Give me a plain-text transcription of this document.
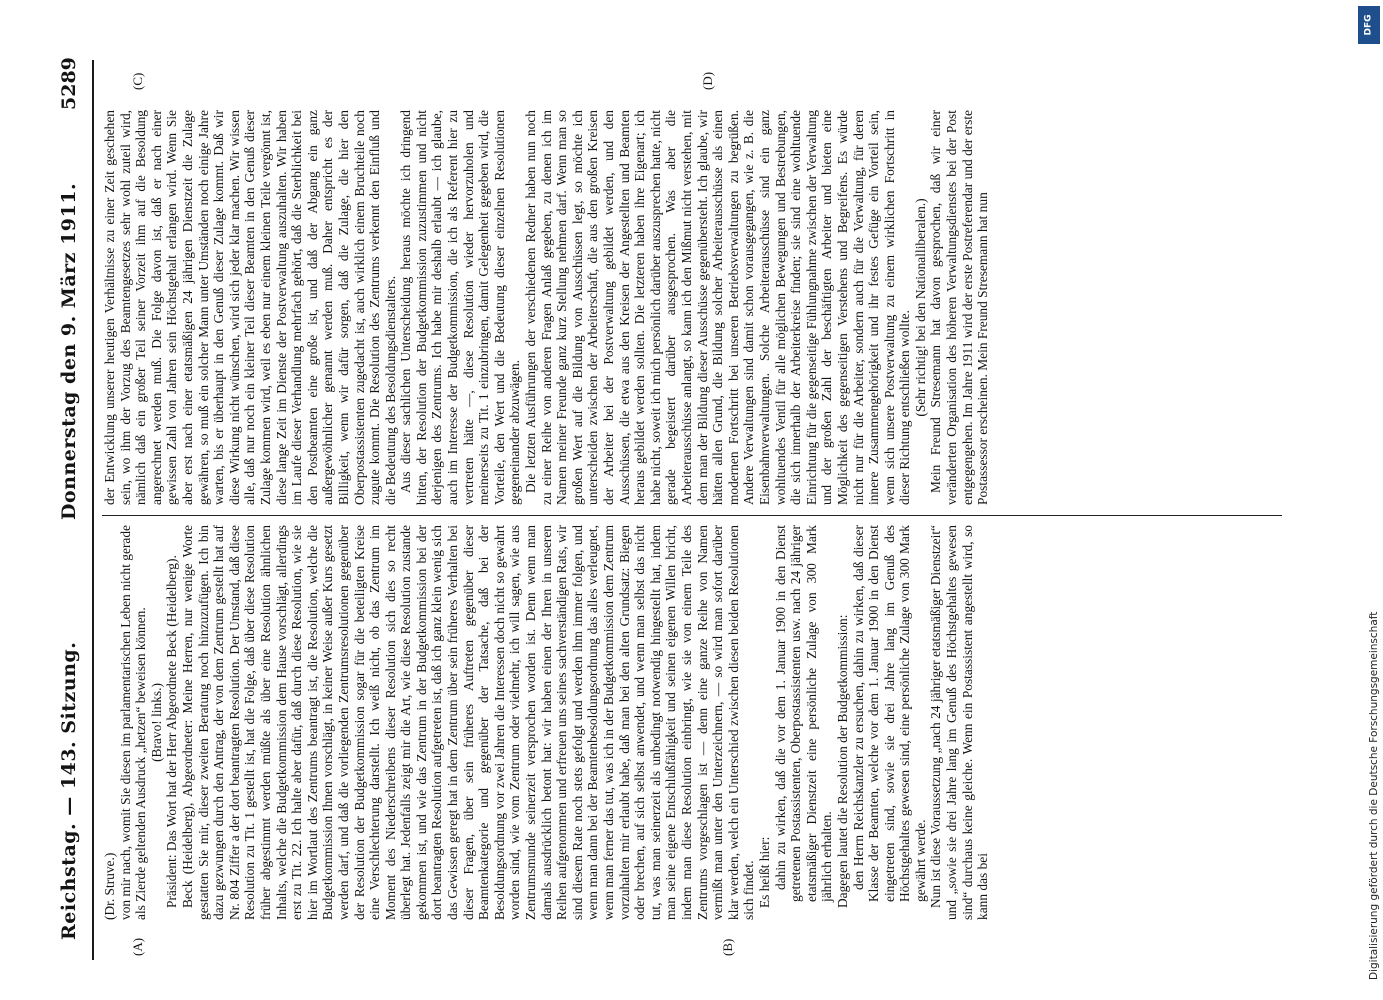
DFG
Digitalisierung gefördert durch die Deutsche Forschungsgemeinschaft
Reichstag. — 143. Sitzung.
Donnerstag den 9. März 1911.
5289
(A)	(B)
(C)	(D)

(Dr. Struve.) von mir nach, womit Sie diesen im parlamentarischen Leben nicht gerade als Zierde geltenden Ausdruck „hetzen“ beweisen können. (Bravo! links.) Präsident: Das Wort hat der Herr Abgeordnete Beck (Heidelberg). Beck (Heidelberg), Abgeordneter: Meine Herren, nur wenige Worte gestatten Sie mir, dieser zweiten Beratung noch hinzuzufügen. Ich bin dazu gezwungen durch den Antrag, der von dem Zentrum gestellt hat auf Nr. 804 Ziffer a der dort beantragten Resolution. Der Umstand, daß diese Resolution zu Tit. 1 gestellt ist, hat die Folge, daß über diese Resolution früher abgestimmt werden müßte als über eine Resolution ähnlichen Inhalts, welche die Budgetkommission dem Hause vorschlägt, allerdings erst zu Tit. 22. Ich halte aber dafür, daß durch diese Resolution, wie sie hier im Wortlaut des Zentrums beantragt ist, die Resolution, welche die Budgetkommission Ihnen vorschlägt, in keiner Weise außer Kurs gesetzt werden darf, und daß die vorliegenden Zentrumsresolutionen gegenüber der Resolution der Budgetkommission sogar für die beteiligten Kreise eine Verschlechterung darstellt. Ich weiß nicht, ob das Zentrum im Moment des Niederschreibens dieser Resolution sich dies so recht überlegt hat. Jedenfalls zeigt mir die Art, wie diese Resolution zustande gekommen ist, und wie das Zentrum in der Budgetkommission bei der dort beantragten Resolution aufgetreten ist, daß ich ganz klein wenig sich das Gewissen geregt hat in dem Zentrum über sein früheres Verhalten bei dieser Fragen, über sein früheres Auftreten gegenüber dieser Beamtenkategorie und gegenüber der Tatsache, daß bei der Besoldungsordnung vor zwei Jahren die Interessen doch nicht so gewahrt worden sind, wie vom Zentrum oder vielmehr, ich will sagen, wie aus Zentrumsmunde seinerzeit versprochen worden ist. Denn wenn man damals ausdrücklich betont hat: wir haben einen der Ihren in unseren Reihen aufgenommen und erfreuen uns seines sachverständigen Rats, wir sind diesem Rate noch stets gefolgt und werden ihm immer folgen, und wenn man dann bei der Beamtenbesoldungsordnung das alles verleugnet, wenn man ferner das tut, was ich in der Budgetkommission dem Zentrum vorzuhalten mir erlaubt habe, daß man bei den alten Grundsatz: Biegen oder brechen, auf sich selbst anwendet, und wenn man selbst das nicht tut, was man seinerzeit als unbedingt notwendig hingestellt hat, indem man seine eigene Entschlußfähigkeit und seinen eigenen Willen bricht, indem man diese Resolution einbringt, wie sie von einem Teile des Zentrums vorgeschlagen ist — denn eine ganze Reihe von Namen vermißt man unter den Unterzeichnern, — so wird man sofort darüber klar werden, welch ein Unterschied zwischen diesen beiden Resolutionen sich findet. Es heißt hier: dahin zu wirken, daß die vor dem 1. Januar 1900 in den Dienst getretenen Postassistenten, Oberpostassistenten usw. nach 24 jähriger etatsmäßiger Dienstzeit eine persönliche Zulage von 300 Mark jährlich erhalten. Dagegen lautet die Resolution der Budgetkommission: den Herrn Reichskanzler zu ersuchen, dahin zu wirken, daß dieser Klasse der Beamten, welche vor dem 1. Januar 1900 in den Dienst eingetreten sind, sowie sie drei Jahre lang im Genuß des Höchstgehaltes gewesen sind, eine persönliche Zulage von 300 Mark gewährt werde. Nun ist diese Voraussetzung „nach 24 jähriger etatsmäßiger Dienstzeit“ und „sowie sie drei Jahre lang im Genuß des Höchstgehaltes gewesen sind“ durchaus keine gleiche. Wenn ein Postassistent angestellt wird, so kann das bei

der Entwicklung unserer heutigen Verhältnisse zu einer Zeit geschehen sein, wo ihm der Vorzug des Beamtengesetzes sehr wohl zuteil wird, nämlich daß ein großer Teil seiner Vorzeit ihm auf die Besoldung angerechnet werden muß. Die Folge davon ist, daß er nach einer gewissen Zahl von Jahren sein Höchstgehalt erlangen wird. Wenn Sie aber erst nach einer etatsmäßigen 24 jährigen Dienstzeit die Zulage gewähren, so muß ein solcher Mann unter Umständen noch einige Jahre warten, bis er überhaupt in den Genuß dieser Zulage kommt. Daß wir diese Wirkung nicht wünschen, wird sich jeder klar machen. Wir wissen alle, daß nur noch ein kleiner Teil dieser Beamten in den Genuß dieser Zulage kommen wird, weil es eben nur einem kleinen Teile vergönnt ist, diese lange Zeit im Dienste der Postverwaltung auszuhalten. Wir haben im Laufe dieser Verhandlung mehrfach gehört, daß die Sterblichkeit bei den Postbeamten eine große ist, und daß der Abgang ein ganz außergewöhnlicher genannt werden muß. Daher entspricht es der Billigkeit, wenn wir dafür sorgen, daß die Zulage, die hier den Oberpostassistenten zugedacht ist, auch wirklich einem Bruchteile noch zugute kommt. Die Resolution des Zentrums verkennt den Einfluß und die Bedeutung des Besoldungsdienstalters. Aus dieser sachlichen Unterscheidung heraus möchte ich dringend bitten, der Resolution der Budgetkommission zuzustimmen und nicht derjenigen des Zentrums. Ich habe mir deshalb erlaubt — ich glaube, auch im Interesse der Budgetkommission, die ich als Referent hier zu vertreten hätte —, diese Resolution wieder hervorzuholen und meinerseits zu Tit. 1 einzubringen, damit Gelegenheit gegeben wird, die Vorteile, den Wert und die Bedeutung dieser einzelnen Resolutionen gegeneinander abzuwägen. Die letzten Ausführungen der verschiedenen Redner haben nun noch zu einer Reihe von anderen Fragen Anlaß gegeben, zu denen ich im Namen meiner Freunde ganz kurz Stellung nehmen darf. Wenn man so großen Wert auf die Bildung von Ausschüssen legt, so möchte ich unterscheiden zwischen der Arbeiterschaft, die aus den großen Kreisen der Arbeiter bei der Postverwaltung gebildet werden, und den Ausschüssen, die etwa aus den Kreisen der Angestellten und Beamten heraus gebildet werden sollten. Die letzteren haben ihre Eigenart; ich habe nicht, soweit ich mich persönlich darüber auszusprechen hatte, nicht gerade begeistert darüber ausgesprochen. Was aber die Arbeiterausschüsse anlangt, so kann ich den Mißmut nicht verstehen, mit dem man der Bildung dieser Ausschüsse gegenübersteht. Ich glaube, wir hätten allen Grund, die Bildung solcher Arbeiterausschüsse als einen modernen Fortschritt bei unseren Betriebsverwaltungen zu begrüßen. Andere Verwaltungen sind damit schon vorausgegangen, wie z. B. die Eisenbahnverwaltungen. Solche Arbeiterausschüsse sind ein ganz wohltuendes Ventil für alle möglichen Bewegungen und Bestrebungen, die sich innerhalb der Arbeiterkreise finden; sie sind eine wohltuende Einrichtung für die gegenseitige Fühlungnahme zwischen der Verwaltung und der großen Zahl der beschäftigten Arbeiter und bieten eine Möglichkeit des gegenseitigen Verstehens und Begreifens. Es würde nicht nur für die Arbeiter, sondern auch für die Verwaltung, für deren innere Zusammengehörigkeit und ihr festes Gefüge ein Vorteil sein, wenn sich unsere Postverwaltung zu einem wirklichen Fortschritt in dieser Richtung entschließen wollte. (Sehr richtig! bei den Nationalliberalen.) Mein Freund Stresemann hat davon gesprochen, daß wir einer veränderten Organisation des höheren Verwaltungsdienstes bei der Post entgegengehen. Im Jahre 1911 wird der erste Postreferendar und der erste Postassessor erscheinen. Mein Freund Stresemann hat nun
